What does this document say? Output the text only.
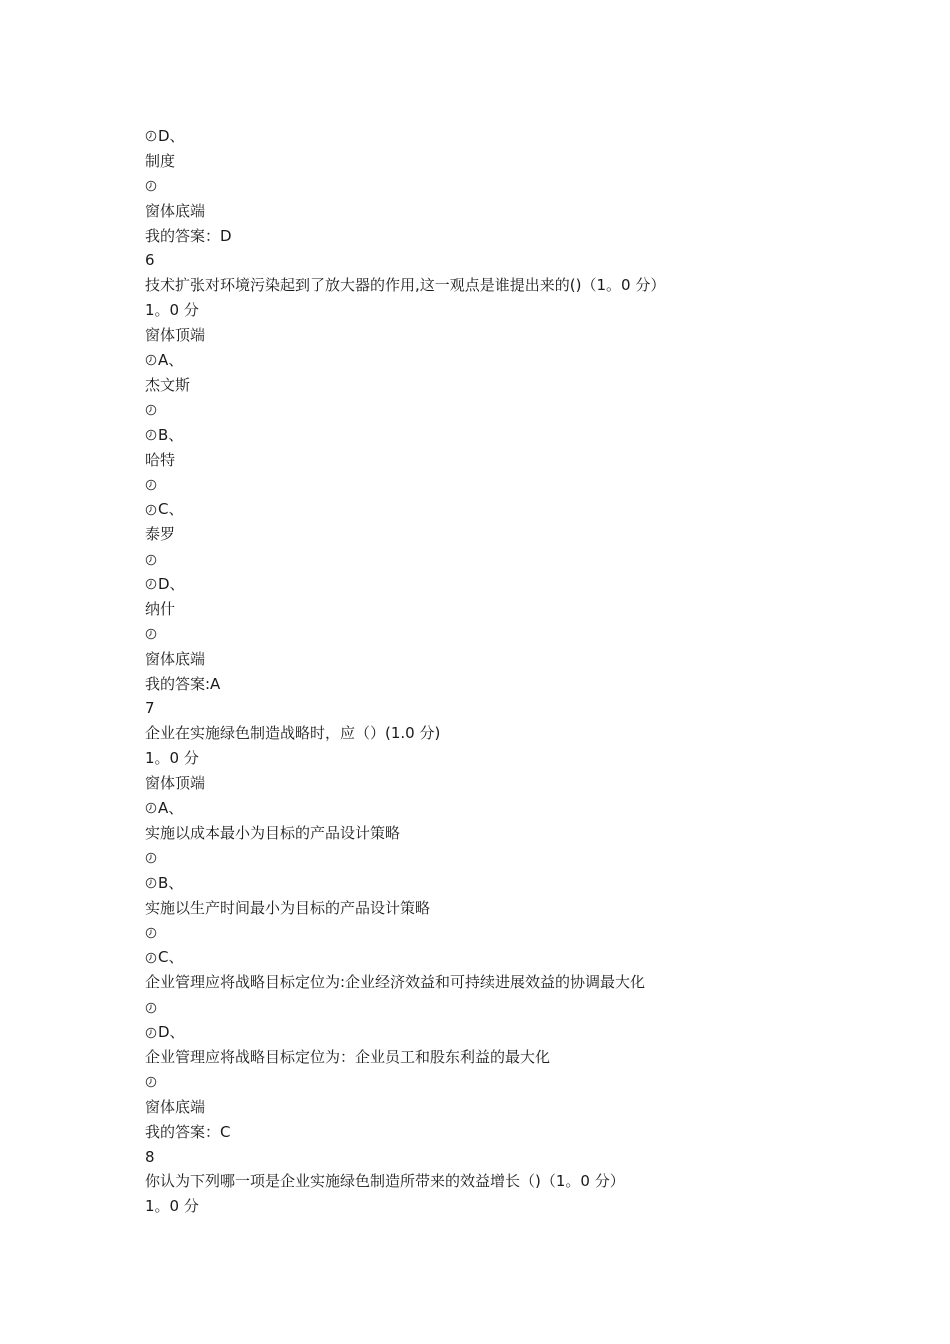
D、
制度
窗体底端
我的答案：D
6
技术扩张对环境污染起到了放大器的作用,这一观点是谁提出来的()（1。0 分）
1。0 分
窗体顶端
A、
杰文斯
B、
哈特
C、
泰罗
D、
纳什
窗体底端
我的答案:A
7
企业在实施绿色制造战略时，应（）(1.0 分)
1。0 分
窗体顶端
A、
实施以成本最小为目标的产品设计策略
B、
实施以生产时间最小为目标的产品设计策略
C、
企业管理应将战略目标定位为:企业经济效益和可持续进展效益的协调最大化
D、
企业管理应将战略目标定位为：企业员工和股东利益的最大化
窗体底端
我的答案：C
8
你认为下列哪一项是企业实施绿色制造所带来的效益增长（)（1。0 分）
1。0 分
